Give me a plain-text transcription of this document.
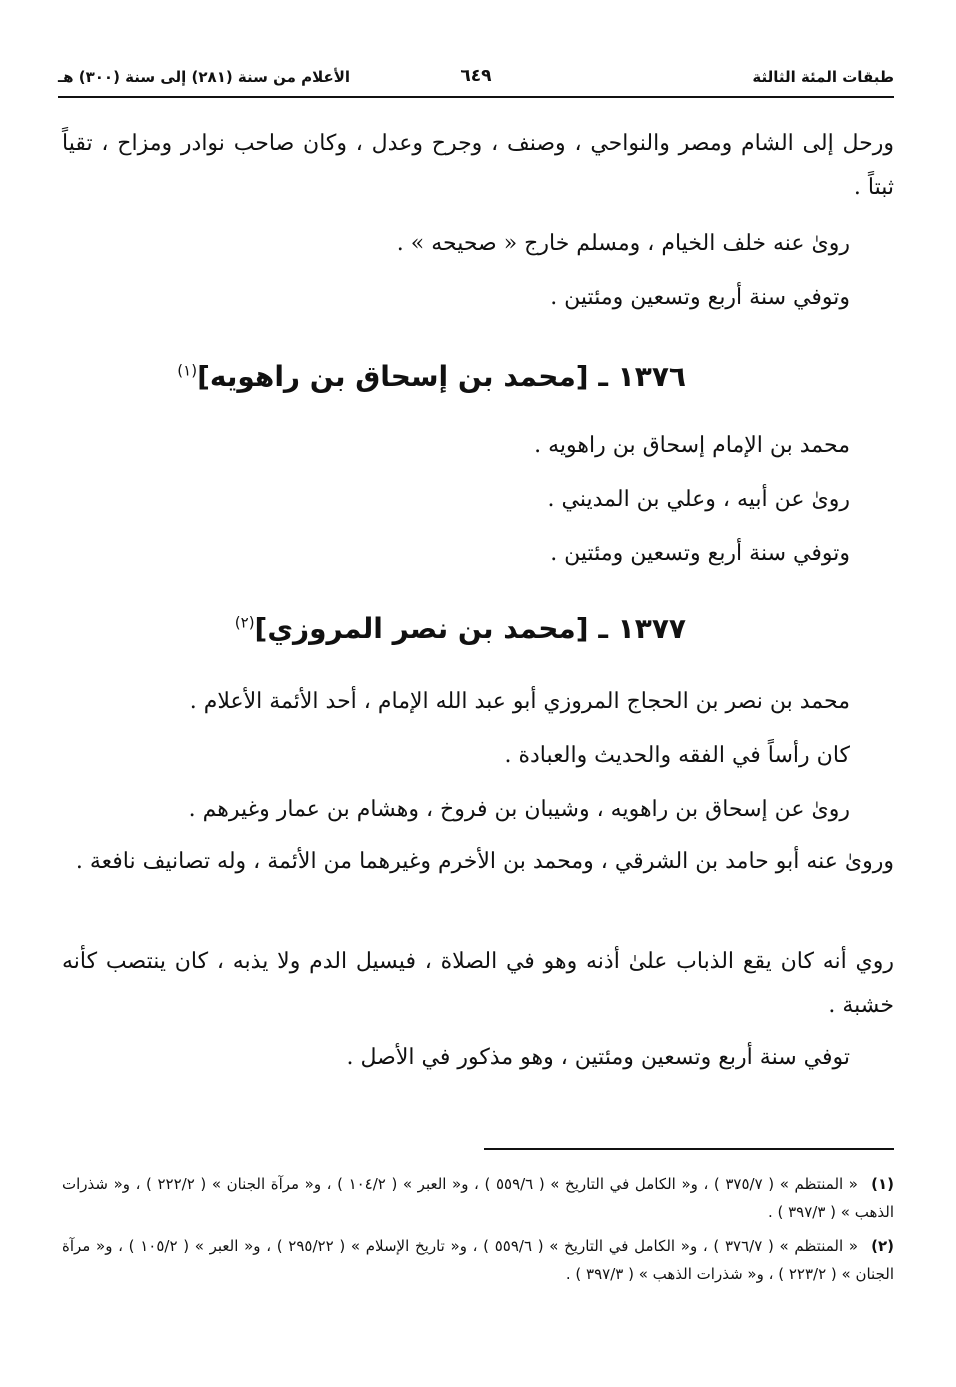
طبقات المئة الثالثة
٦٤٩
الأعلام من سنة (٢٨١) إلى سنة (٣٠٠) هـ
ورحل إلى الشام ومصر والنواحي ، وصنف ، وجرح وعدل ، وكان صاحب نوادر ومزاح ، تقياً ثبتاً .
روىٰ عنه خلف الخيام ، ومسلم خارج « صحيحه » .
وتوفي سنة أربع وتسعين ومئتين .
١٣٧٦ ـ [محمد بن إسحاق بن راهويه]$^{(١)}$
محمد بن الإمام إسحاق بن راهويه .
روىٰ عن أبيه ، وعلي بن المديني .
وتوفي سنة أربع وتسعين ومئتين .
١٣٧٧ ـ [محمد بن نصر المروزي]$^{(٢)}$
محمد بن نصر بن الحجاج المروزي أبو عبد الله الإمام ، أحد الأئمة الأعلام .
كان رأساً في الفقه والحديث والعبادة .
روىٰ عن إسحاق بن راهويه ، وشيبان بن فروخ ، وهشام بن عمار وغيرهم .
وروىٰ عنه أبو حامد بن الشرقي ، ومحمد بن الأخرم وغيرهما من الأئمة ، وله تصانيف نافعة .
روي أنه كان يقع الذباب علىٰ أذنه وهو في الصلاة ، فيسيل الدم ولا يذبه ، كان ينتصب كأنه خشبة .
توفي سنة أربع وتسعين ومئتين ، وهو مذكور في الأصل .
(١)« المنتظم » ( ٣٧٥/٧ ) ، و« الكامل في التاريخ » ( ٥٥٩/٦ ) ، و« العبر » ( ١٠٤/٢ ) ، و« مرآة الجنان » ( ٢٢٢/٢ ) ، و« شذرات الذهب » ( ٣٩٧/٣ ) .
(٢)« المنتظم » ( ٣٧٦/٧ ) ، و« الكامل في التاريخ » ( ٥٥٩/٦ ) ، و« تاريخ الإسلام » ( ٢٩٥/٢٢ ) ، و« العبر » ( ١٠٥/٢ ) ، و« مرآة الجنان » ( ٢٢٣/٢ ) ، و« شذرات الذهب » ( ٣٩٧/٣ ) .
